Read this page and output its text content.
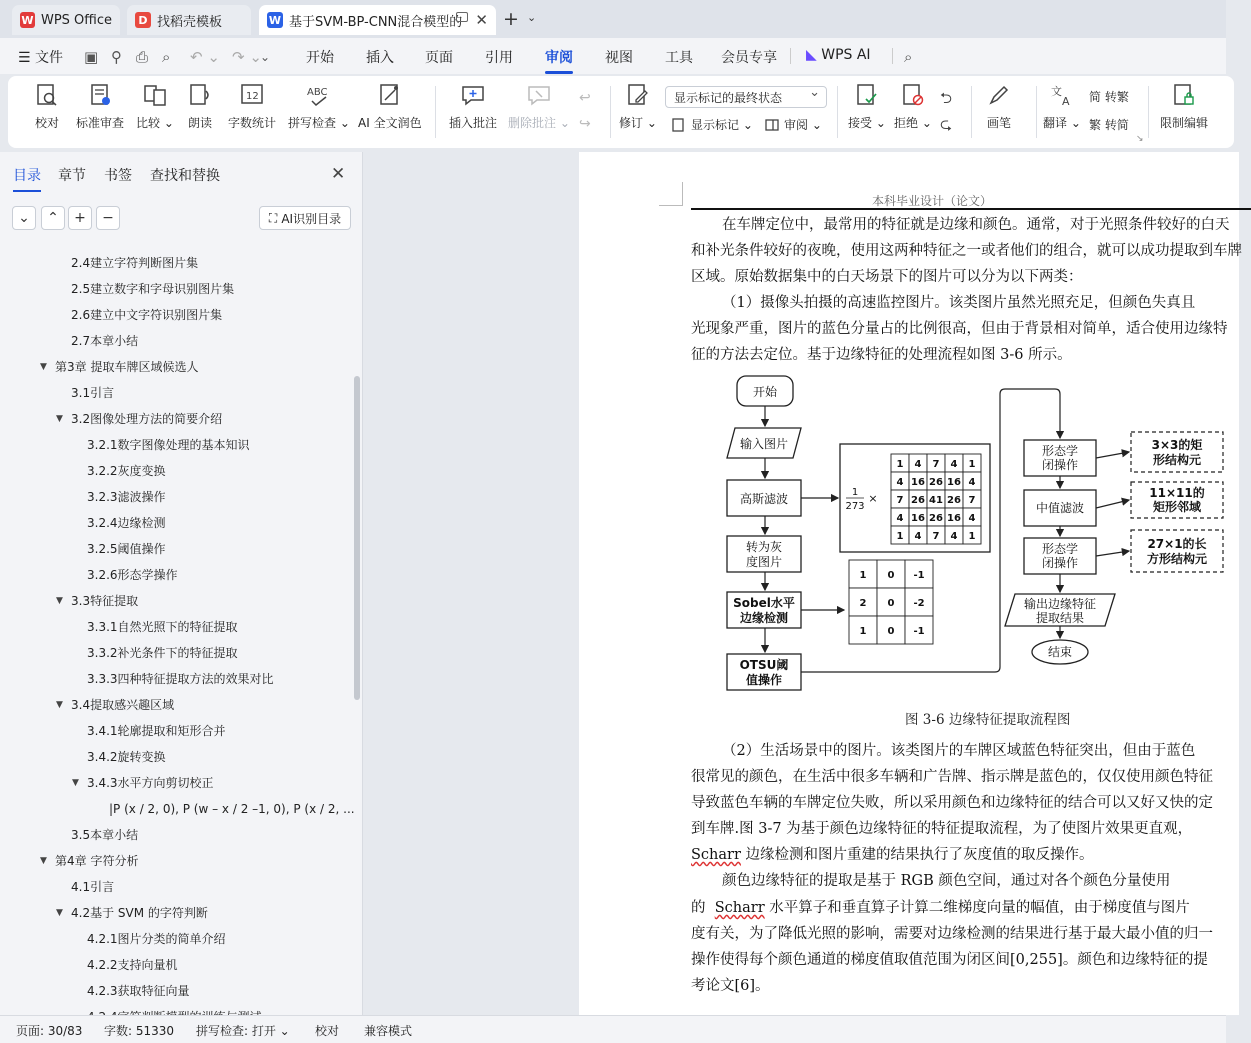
W WPS Office	D 找稻壳模板	W 基于SVM-BP-CNN混合模型的 ✕ + ⌄
☰ 文件 ▣ ⚲ ⎙ ⌕ ↶ ⌄ ↷ ⌄
⌄	开始 插入 页面 引用 审阅 视图 工具 会员专享 ◣ WPS AI ⌕
校对 标准审查 比较 ⌄ 朗读
12
字数统计
ABC
拼写检查 ⌄ AI 全文润色 插入批注 删除批注 ⌄
↩
↪ 修订 ⌄
显示标记的最终状态 ⌄
显示标记 ⌄	审阅 ⌄ 接受 ⌄ 拒绝 ⌄
⮌
⮎	画笔
文
A
翻译 ⌄
简 转繁
繁 转简
↘
限制编辑
目录 章节 书签 查找和替换	✕
⌄	⌃	+	−	⛶ AI识别目录
2.4建立字符判断图片集
2.5建立数字和字母识别图片集
2.6建立中文字符识别图片集
2.7本章小结
▼ 第3章 提取车牌区域候选人
3.1引言
▼ 3.2图像处理方法的简要介绍
3.2.1数字图像处理的基本知识
3.2.2灰度变换
3.2.3滤波操作
3.2.4边缘检测
3.2.5阈值操作
3.2.6形态学操作
▼ 3.3特征提取
3.3.1自然光照下的特征提取
3.3.2补光条件下的特征提取
3.3.3四种特征提取方法的效果对比
▼ 3.4提取感兴趣区域
3.4.1轮廓提取和矩形合并
3.4.2旋转变换
▼ 3.4.3水平方向剪切校正
|P (x / 2, 0), P (w – x / 2 –1, 0), P (x / 2, ...
3.5本章小结
▼ 第4章 字符分析
4.1引言
▼ 4.2基于 SVM 的字符判断
4.2.1图片分类的简单介绍
4.2.2支持向量机
4.2.3获取特征向量
本科毕业设计（论文）
在车牌定位中，最常用的特征就是边缘和颜色。通常，对于光照条件较好的白天
和补光条件较好的夜晚，使用这两种特征之一或者他们的组合，就可以成功提取到车牌
区域。原始数据集中的白天场景下的图片可以分为以下两类：
（1）摄像头拍摄的高速监控图片。该类图片虽然光照充足，但颜色失真且
光现象严重，图片的蓝色分量占的比例很高，但由于背景相对简单，适合使用边缘特
征的方法去定位。基于边缘特征的处理流程如图 3-6 所示。
1 4 7 4 1
4 16 26 16 4
7 26 41 26 7
4 16 26 16 4
1 4 7 4 1
1 0 -1
2 0 -2
1 0 -1
开始
输入图片
高斯滤波
转为灰
度图片
Sobel水平
边缘检测
OTSU阈
值操作
形态学
闭操作
中值滤波
形态学
闭操作
输出边缘特征
提取结果
结束
3×3的矩
形结构元
11×11的
矩形邻域
27×1的长
方形结构元
1
273
×
图 3-6 边缘特征提取流程图
（2）生活场景中的图片。该类图片的车牌区域蓝色特征突出，但由于蓝色
很常见的颜色，在生活中很多车辆和广告牌、指示牌是蓝色的，仅仅使用颜色特征
导致蓝色车辆的车牌定位失败，所以采用颜色和边缘特征的结合可以又好又快的定
到车牌.图 3-7 为基于颜色边缘特征的特征提取流程，为了使图片效果更直观，
Scharr 边缘检测和图片重建的结果执行了灰度值的取反操作。
颜色边缘特征的提取是基于 RGB 颜色空间，通过对各个颜色分量使用
的 Scharr 水平算子和垂直算子计算二维梯度向量的幅值，由于梯度值与图片
度有关，为了降低光照的影响，需要对边缘检测的结果进行基于最大最小值的归一
操作使得每个颜色通道的梯度值取值范围为闭区间[0,255]。颜色和边缘特征的提
考论文[6]。
页面: 30/83 字数: 51330 拼写检查: 打开 ⌄ 校对 兼容模式
